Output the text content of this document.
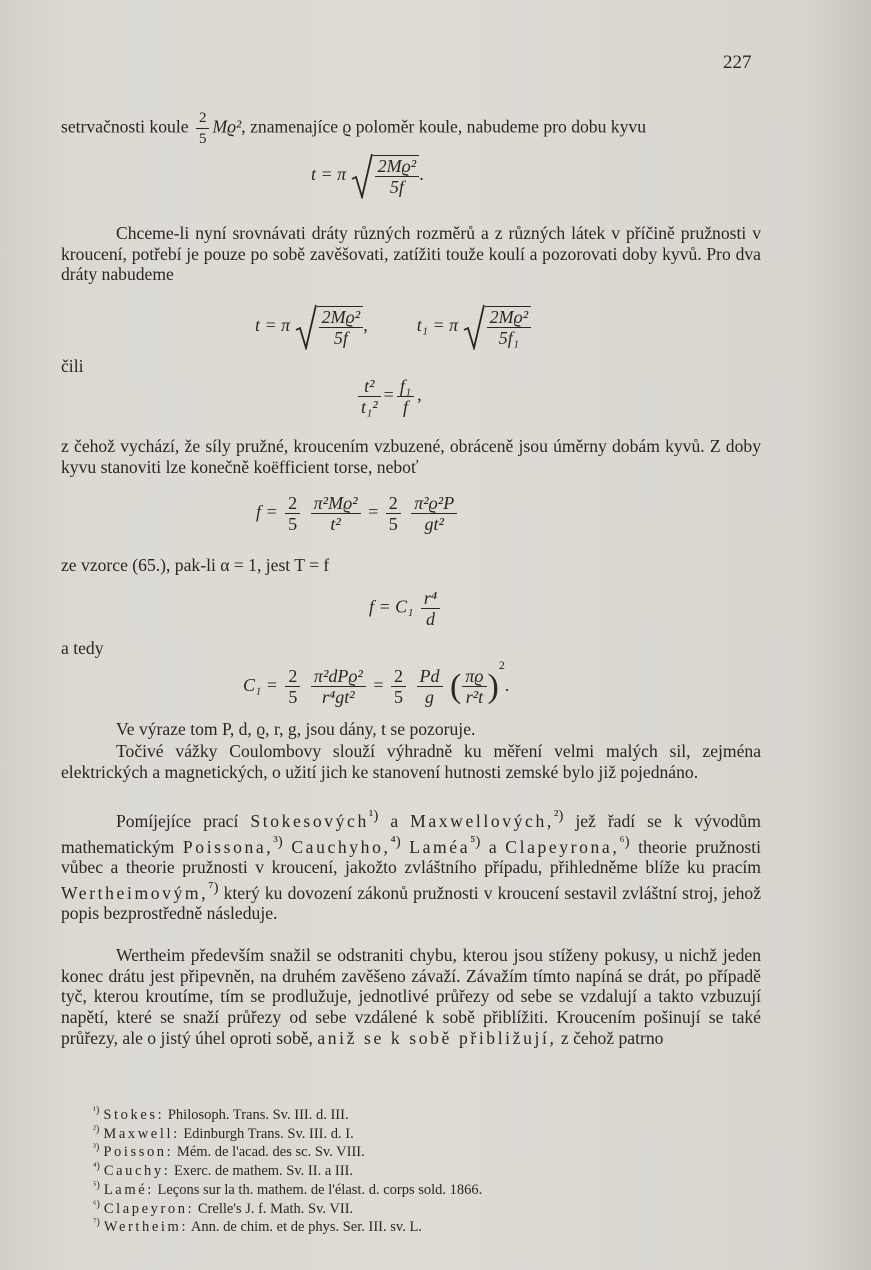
227
setrvačnosti koule $\frac{2}{5} Mϱ^2$, znamenajíce ϱ poloměr koule, nabudeme pro dobu kyvu
t = π $\frac{\text{2Mϱ²}}{5f}$ .
Chceme-li nyní srovnávati dráty různých rozměrů a z různých látek v příčině pružnosti v kroucení, potřebí je pouze po sobě zavěšovati, zatížiti touže koulí a pozorovati doby kyvů. Pro dva dráty nabudeme
t = π $\frac{\text{2Mϱ²}}{5f}$ ,	t₁ = π $\frac{\text{2Mϱ²}}{\text{5f₁}}$
čili
$\frac{\text{t²}}{\text{t₁²}} = \frac{\text{f₁}}{f}$ ,
z čehož vychází, že síly pružné, kroucením vzbuzené, obráceně jsou úměrny dobám kyvů. Z doby kyvu stanoviti lze konečně koëfficient torse, neboť
$f = \frac{2}{5}$
$\frac{\text{π²Mϱ²}}{\text{t²}} = \frac{2}{5}$
$\frac{\text{π²ϱ²P}}{\text{gt²}}$
ze vzorce (65.), pak-li α = 1, jest T = f
$f = C_1 \frac{\text{r⁴}}{d}$
a tedy
$C_1 = \frac{2}{5}$
π²dPϱ²
r⁴gt²
= $\frac{2}{5}$
$\frac{Pd}{g}$ ( $\frac{\pi ϱ}{\text{r²t}} )^2$.
Ve výraze tom P, d, ϱ, r, g, jsou dány, t se pozoruje.
Točivé vážky Coulombovy slouží výhradně ku měření velmi malých sil, zejména elektrických a magnetických, o užití jich ke stanovení hutnosti zemské bylo již pojednáno.
Pomíjejíce prací Stokesových$^{^1)}$ a Maxwellových,$^{^2)}$ jež řadí se k vývodům mathematickým Poissona,$^{^3)}$ Cauchyho,$^{^4)}$ Laméa$^{^5)}$ a Clapeyrona,$^{^6)}$ theorie pružnosti vůbec a theorie pružnosti v kroucení, jakožto zvláštního případu, přihledněme blíže ku pracím Wertheimovým,$^{^7)}$ který ku dovození zákonů pružnosti v kroucení sestavil zvláštní stroj, jehož popis bezprostředně následuje.
Wertheim především snažil se odstraniti chybu, kterou jsou stíženy pokusy, u nichž jeden konec drátu jest připevněn, na druhém zavěšeno závaží. Závažím tímto napíná se drát, po případě tyč, kterou kroutíme, tím se prodlužuje, jednotlivé průřezy od sebe se vzdalují a takto vzbuzují napětí, které se snaží průřezy od sebe vzdálené k sobě přiblížiti. Kroucením pošinují se také průřezy, ale o jistý úhel oproti sobě, aniž se k sobě přibližují, z čehož patrno
$^{^1)}$ Stokes: Philosoph. Trans. Sv. III. d. III.
$^{^2)}$ Maxwell: Edinburgh Trans. Sv. III. d. I.
$^{^3)}$ Poisson: Mém. de l'acad. des sc. Sv. VIII.
$^{^4)}$ Cauchy: Exerc. de mathem. Sv. II. a III.
$^{^5)}$ Lamé: Leçons sur la th. mathem. de l'élast. d. corps sold. 1866.
$^{^6)}$ Clapeyron: Crelle's J. f. Math. Sv. VII.
$^{^7)}$ Wertheim: Ann. de chim. et de phys. Ser. III. sv. L.
